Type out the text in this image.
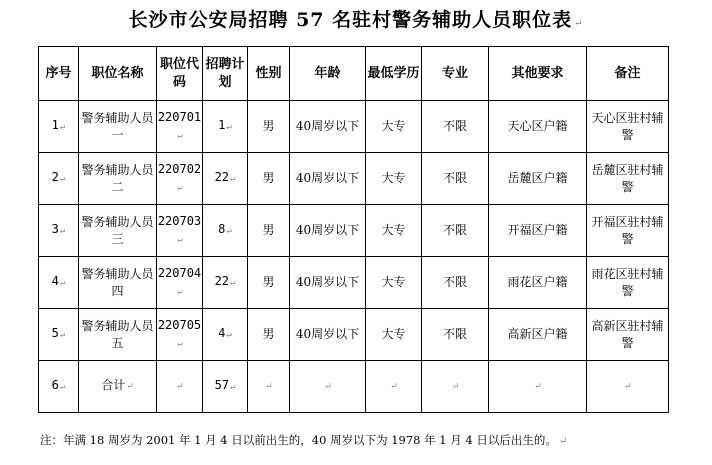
长沙市公安局招聘 57 名驻村警务辅助人员职位表 ↵
序号	职位名称	职位代码	招聘计划	性别	年龄	最低学历	专业	其他要求	备注
1↵	警务辅助人员一	220701↵	1↵	男	40周岁以下	大专	不限	天心区户籍	天心区驻村辅警
2↵	警务辅助人员二	220702↵	22↵	男	40周岁以下	大专	不限	岳麓区户籍	岳麓区驻村辅警
3↵	警务辅助人员三	220703↵	8↵	男	40周岁以下	大专	不限	开福区户籍	开福区驻村辅警
4↵	警务辅助人员四	220704↵	22↵	男	40周岁以下	大专	不限	雨花区户籍	雨花区驻村辅警
5↵	警务辅助人员五	220705↵	4↵	男	40周岁以下	大专	不限	高新区户籍	高新区驻村辅警
6↵	合计↵	↵	57↵	↵	↵	↵	↵	↵	↵
注：年满 18 周岁为 2001 年 1 月 4 日以前出生的，40 周岁以下为 1978 年 1 月 4 日以后出生的。 ↵
